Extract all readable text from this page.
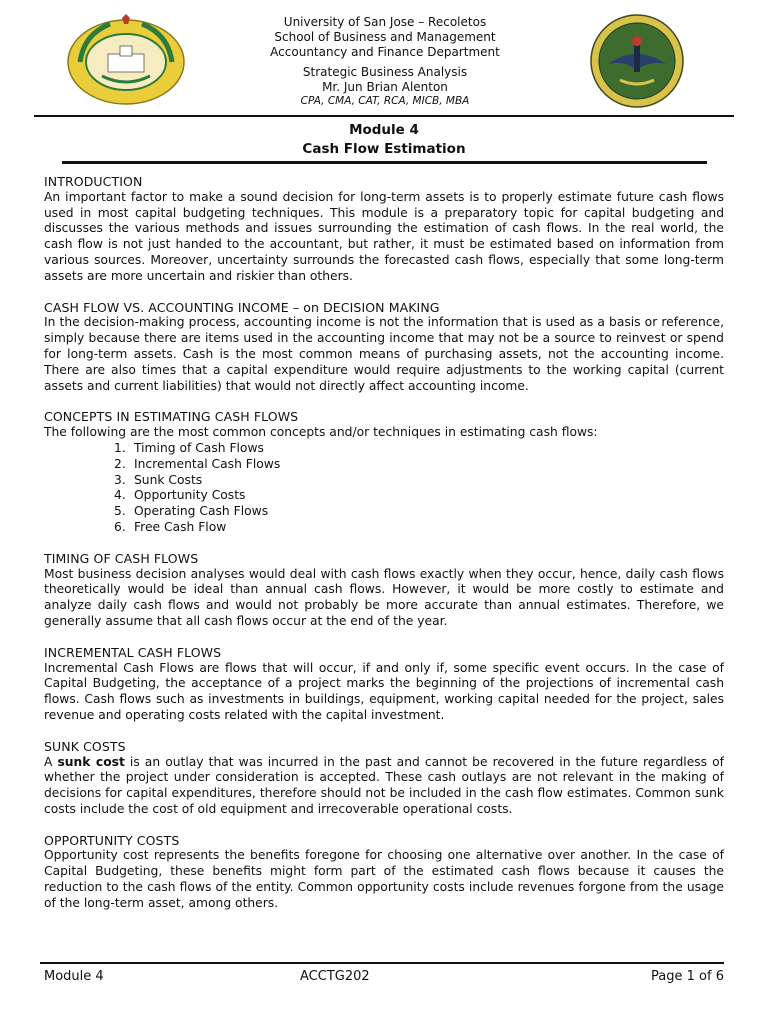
University of San Jose – Recoletos
School of Business and Management
Accountancy and Finance Department
Strategic Business Analysis
Mr. Jun Brian Alenton
CPA, CMA, CAT, RCA, MICB, MBA
Module 4
Cash Flow Estimation

INTRODUCTION

An important factor to make a sound decision for long-term assets is to properly estimate future cash flows used in most capital budgeting techniques. This module is a preparatory topic for capital budgeting and discusses the various methods and issues surrounding the estimation of cash flows. In the real world, the cash flow is not just handed to the accountant, but rather, it must be estimated based on information from various sources. Moreover, uncertainty surrounds the forecasted cash flows, especially that some long-term assets are more uncertain and riskier than others.

CASH FLOW VS. ACCOUNTING INCOME – on DECISION MAKING

In the decision-making process, accounting income is not the information that is used as a basis or reference, simply because there are items used in the accounting income that may not be a source to reinvest or spend for long-term assets. Cash is the most common means of purchasing assets, not the accounting income. There are also times that a capital expenditure would require adjustments to the working capital (current assets and current liabilities) that would not directly affect accounting income.

CONCEPTS IN ESTIMATING CASH FLOWS

The following are the most common concepts and/or techniques in estimating cash flows:

1. Timing of Cash Flows
2. Incremental Cash Flows
3. Sunk Costs
4. Opportunity Costs
5. Operating Cash Flows
6. Free Cash Flow

TIMING OF CASH FLOWS

Most business decision analyses would deal with cash flows exactly when they occur, hence, daily cash flows theoretically would be ideal than annual cash flows. However, it would be more costly to estimate and analyze daily cash flows and would not probably be more accurate than annual estimates. Therefore, we generally assume that all cash flows occur at the end of the year.

INCREMENTAL CASH FLOWS

Incremental Cash Flows are flows that will occur, if and only if, some specific event occurs. In the case of Capital Budgeting, the acceptance of a project marks the beginning of the projections of incremental cash flows. Cash flows such as investments in buildings, equipment, working capital needed for the project, sales revenue and operating costs related with the capital investment.

SUNK COSTS

A sunk cost is an outlay that was incurred in the past and cannot be recovered in the future regardless of whether the project under consideration is accepted. These cash outlays are not relevant in the making of decisions for capital expenditures, therefore should not be included in the cash flow estimates. Common sunk costs include the cost of old equipment and irrecoverable operational costs.

OPPORTUNITY COSTS

Opportunity cost represents the benefits foregone for choosing one alternative over another. In the case of Capital Budgeting, these benefits might form part of the estimated cash flows because it causes the reduction to the cash flows of the entity. Common opportunity costs include revenues forgone from the usage of the long-term asset, among others.

Module 4	ACCTG202	Page 1 of 6
